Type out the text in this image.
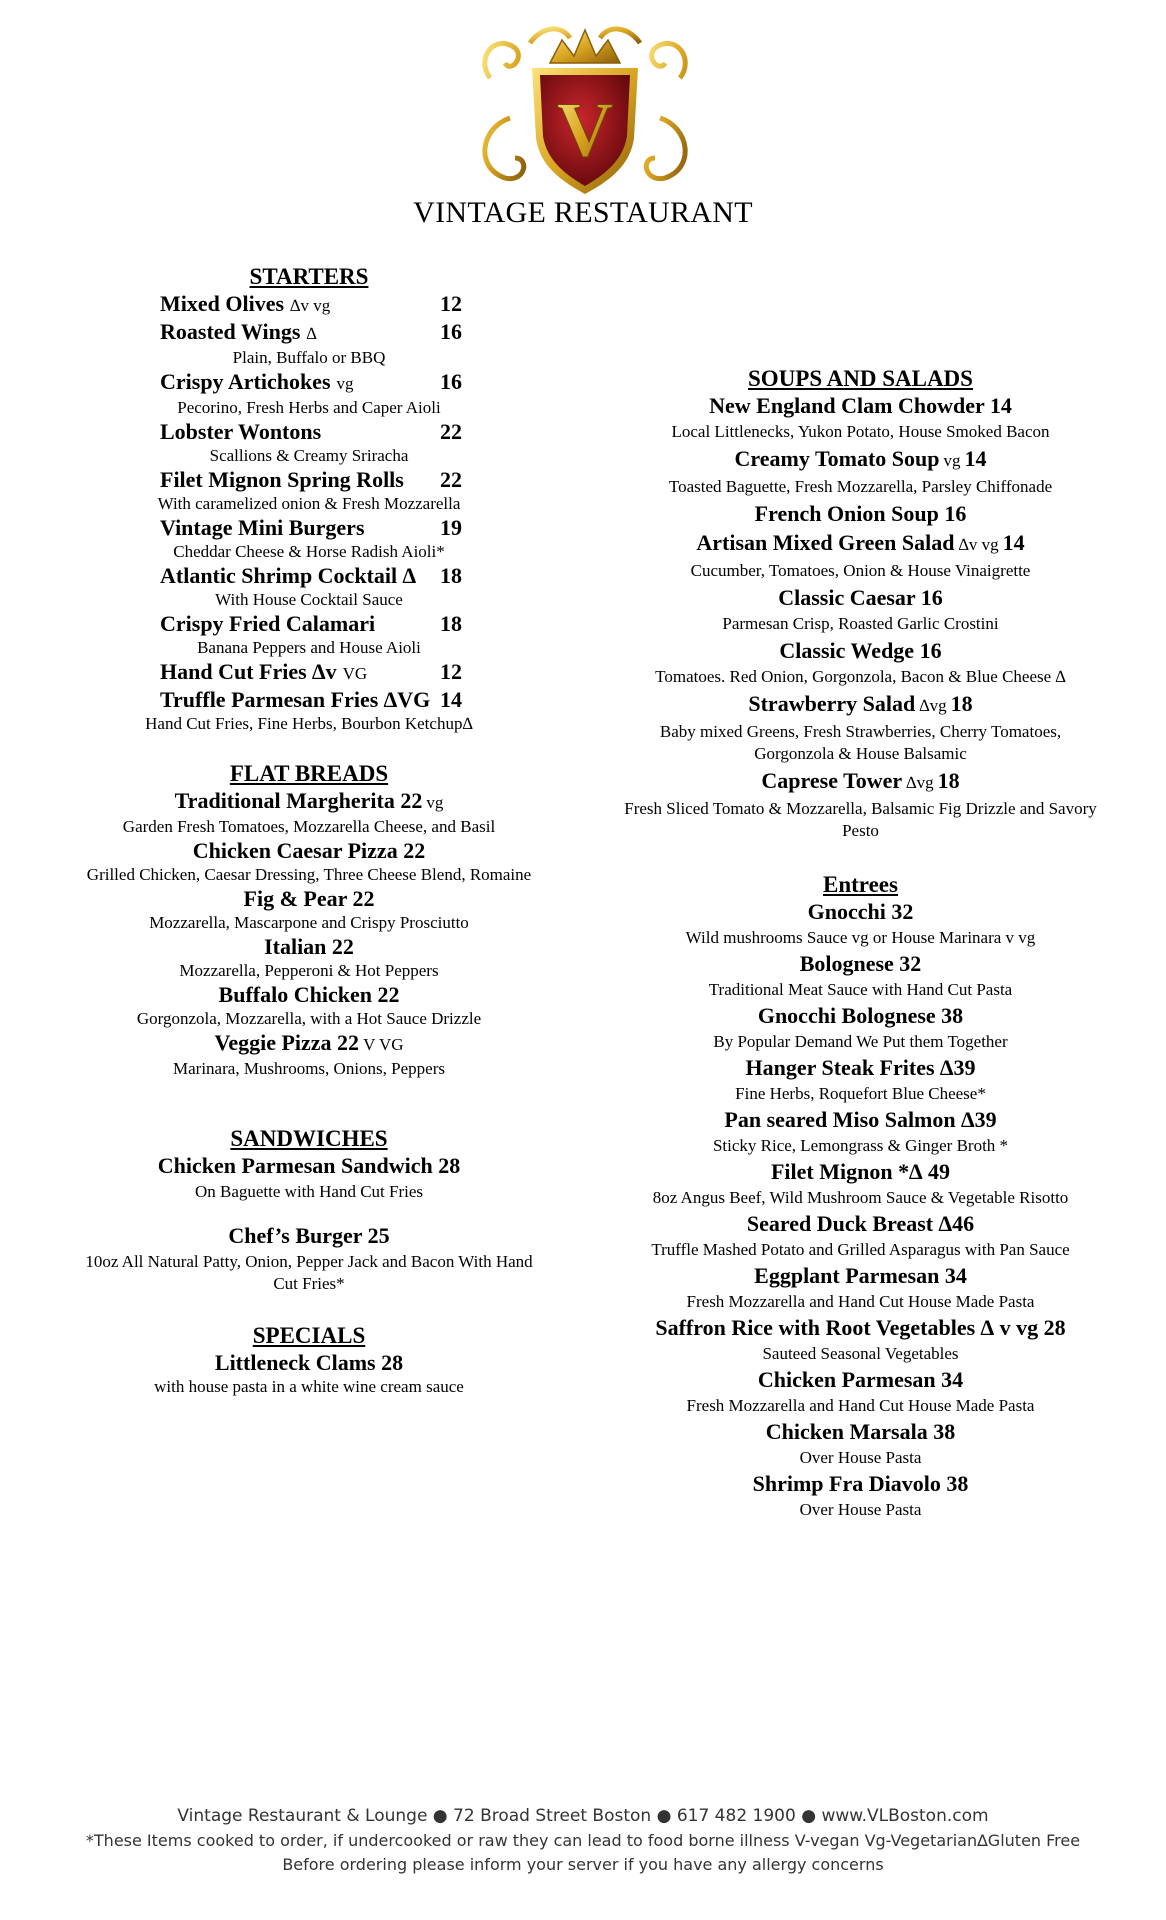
V
VINTAGE RESTAURANT
STARTERS
Mixed Olives ∆v vg	12
Roasted Wings ∆	16
Plain, Buffalo or BBQ
Crispy Artichokes vg	16
Pecorino, Fresh Herbs and Caper Aioli
Lobster Wontons	22
Scallions & Creamy Sriracha
Filet Mignon Spring Rolls 22
With caramelized onion & Fresh Mozzarella
Vintage Mini Burgers	19
Cheddar Cheese & Horse Radish Aioli*
Atlantic Shrimp Cocktail ∆ 18
With House Cocktail Sauce
Crispy Fried Calamari	18
Banana Peppers and House Aioli
Hand Cut Fries ∆v VG	12
Truffle Parmesan Fries ∆VG 14
Hand Cut Fries, Fine Herbs, Bourbon Ketchup∆
FLAT BREADS
Traditional Margherita 22 vg
Garden Fresh Tomatoes, Mozzarella Cheese, and Basil
Chicken Caesar Pizza 22
Grilled Chicken, Caesar Dressing, Three Cheese Blend, Romaine
Fig & Pear 22
Mozzarella, Mascarpone and Crispy Prosciutto
Italian 22
Mozzarella, Pepperoni & Hot Peppers
Buffalo Chicken 22
Gorgonzola, Mozzarella, with a Hot Sauce Drizzle
Veggie Pizza 22 V VG
Marinara, Mushrooms, Onions, Peppers
SANDWICHES
Chicken Parmesan Sandwich 28
On Baguette with Hand Cut Fries
Chef’s Burger 25
10oz All Natural Patty, Onion, Pepper Jack and Bacon With Hand Cut Fries*
SPECIALS
Littleneck Clams 28
with house pasta in a white wine cream sauce
SOUPS AND SALADS
New England Clam Chowder 14
Local Littlenecks, Yukon Potato, House Smoked Bacon
Creamy Tomato Soup vg 14
Toasted Baguette, Fresh Mozzarella, Parsley Chiffonade
French Onion Soup 16
Artisan Mixed Green Salad ∆v vg 14
Cucumber, Tomatoes, Onion & House Vinaigrette
Classic Caesar 16
Parmesan Crisp, Roasted Garlic Crostini
Classic Wedge 16
Tomatoes. Red Onion, Gorgonzola, Bacon & Blue Cheese ∆
Strawberry Salad ∆vg 18
Baby mixed Greens, Fresh Strawberries, Cherry Tomatoes, Gorgonzola & House Balsamic
Caprese Tower ∆vg 18
Fresh Sliced Tomato & Mozzarella, Balsamic Fig Drizzle and Savory Pesto
Entrees
Gnocchi 32
Wild mushrooms Sauce vg or House Marinara v vg
Bolognese 32
Traditional Meat Sauce with Hand Cut Pasta
Gnocchi Bolognese 38
By Popular Demand We Put them Together
Hanger Steak Frites ∆39
Fine Herbs, Roquefort Blue Cheese*
Pan seared Miso Salmon ∆39
Sticky Rice, Lemongrass & Ginger Broth *
Filet Mignon *∆ 49
8oz Angus Beef, Wild Mushroom Sauce & Vegetable Risotto
Seared Duck Breast ∆46
Truffle Mashed Potato and Grilled Asparagus with Pan Sauce
Eggplant Parmesan 34
Fresh Mozzarella and Hand Cut House Made Pasta
Saffron Rice with Root Vegetables ∆ v vg 28
Sauteed Seasonal Vegetables
Chicken Parmesan 34
Fresh Mozzarella and Hand Cut House Made Pasta
Chicken Marsala 38
Over House Pasta
Shrimp Fra Diavolo 38
Over House Pasta
Vintage Restaurant & Lounge ● 72 Broad Street Boston ● 617 482 1900 ● www.VLBoston.com
*These Items cooked to order, if undercooked or raw they can lead to food borne illness V-vegan Vg-Vegetarian∆Gluten Free
Before ordering please inform your server if you have any allergy concerns
